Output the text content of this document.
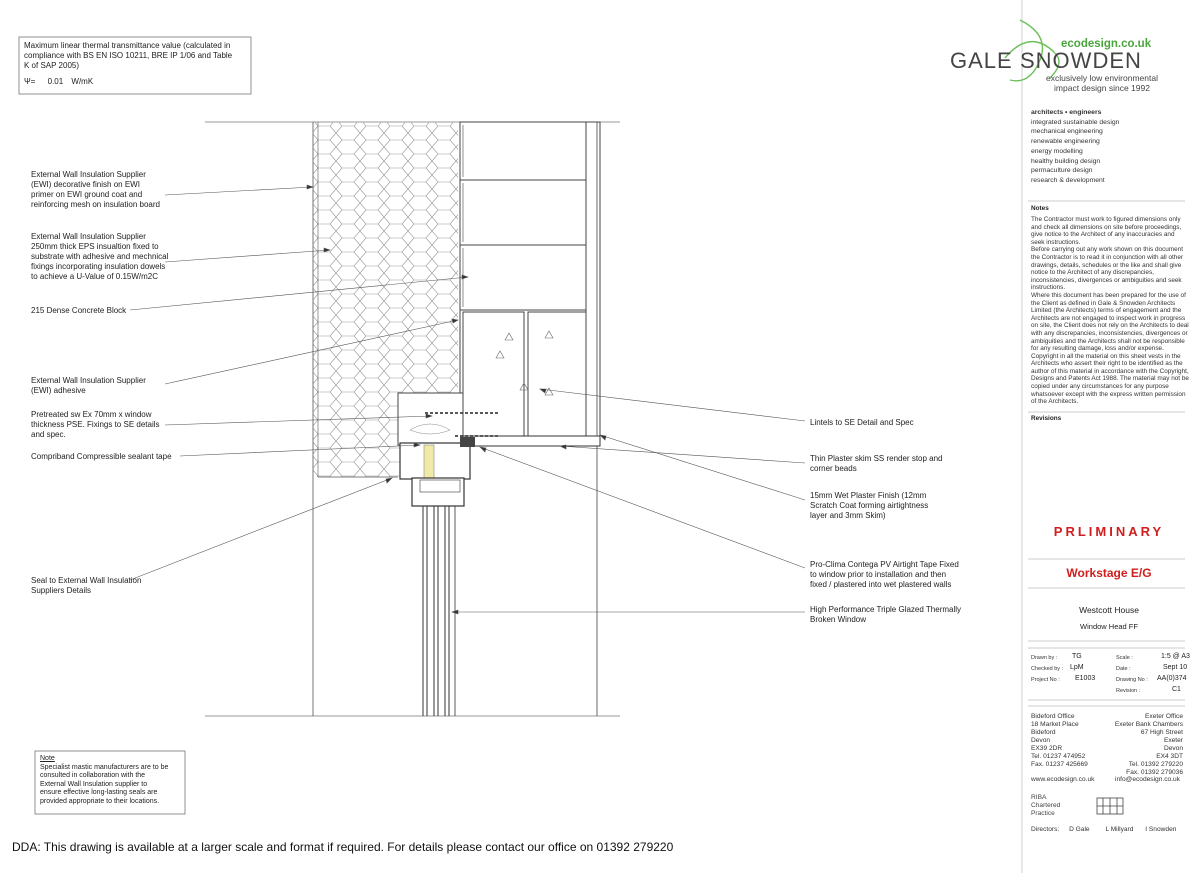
Maximum linear thermal transmittance value (calculated in
compliance with BS EN ISO 10211, BRE IP 1/06 and Table
K of SAP 2005)
Ψ= 0.01 W/mK
External Wall Insulation Supplier
(EWI) decorative finish on EWI
primer on EWI ground coat and
reinforcing mesh on insulation board
External Wall Insulation Supplier
250mm thick EPS insualtion fixed to
substrate with adhesive and mechnical
fixings incorporating insulation dowels
to achieve a U-Value of 0.15W/m2C
215 Dense Concrete Block
External Wall Insulation Supplier
(EWI) adhesive
Pretreated sw Ex 70mm x window
thickness PSE. Fixings to SE details
and spec.
Compriband Compressible sealant tape
Seal to External Wall Insulation
Suppliers Details
Lintels to SE Detail and Spec
Thin Plaster skim SS render stop and
corner beads
15mm Wet Plaster Finish (12mm
Scratch Coat forming airtightness
layer and 3mm Skim)
Pro-Clima Contega PV Airtight Tape Fixed
to window prior to installation and then
fixed / plastered into wet plastered walls
High Performance Triple Glazed Thermally
Broken Window
Note
Specialist mastic manufacturers are to be
consulted in collaboration with the
External Wall Insulation supplier to
ensure effective long-lasting seals are
provided appropriate to their locations.
DDA: This drawing is available at a larger scale and format if required. For details please contact our office on 01392 279220
GALE SNOWDEN
ecodesign.co.uk
exclusively low environmental
impact design since 1992
architects • engineers
integrated sustainable design
mechanical engineering
renewable engineering
energy modelling
healthy building design
permaculture design
research & development
Notes
The Contractor must work to figured dimensions only
and check all dimensions on site before proceedings,
give notice to the Architect of any inaccuracies and
seek instructions.
Before carrying out any work shown on this document
the Contractor is to read it in conjunction with all other
drawings, details, schedules or the like and shall give
notice to the Architect of any discrepancies,
inconsistencies, divergences or ambiguities and seek
instructions.
Where this document has been prepared for the use of
the Client as defined in Gale & Snowden Architects
Limited (the Architects) terms of engagement and the
Architects are not engaged to inspect work in progress
on site, the Client does not rely on the Architects to deal
with any discrepancies, inconsistencies, divergences or
ambiguities and the Architects shall not be responsible
for any resulting damage, loss and/or expense.
Copyright in all the material on this sheet vests in the
Architects who assert their right to be identified as the
author of this material in accordance with the Copyright,
Designs and Patents Act 1988. The material may not be
copied under any circumstances for any purpose
whatsoever except with the express written permission
of the Architects.
Revisions
PRLIMINARY
Workstage E/G
Westcott House
Window Head FF
Drawn by : TG
Checked by : LpM
Project No : E1003
Scale :	1:5 @ A3
Date :	Sept 10
Drawing No : AA(0)374
Revision :	C1
Bideford Office
18 Market Place
Bideford
Devon
EX39 2DR
Tel. 01237 474952
Fax. 01237 425669
Exeter Office
Exeter Bank Chambers
67 High Street
Exeter
Devon
EX4 3DT
Tel. 01392 279220
Fax. 01392 279036
www.ecodesign.co.uk	info@ecodesign.co.uk
RIBA
Chartered
Practice
Directors: D Gale L Millyard I Snowden
